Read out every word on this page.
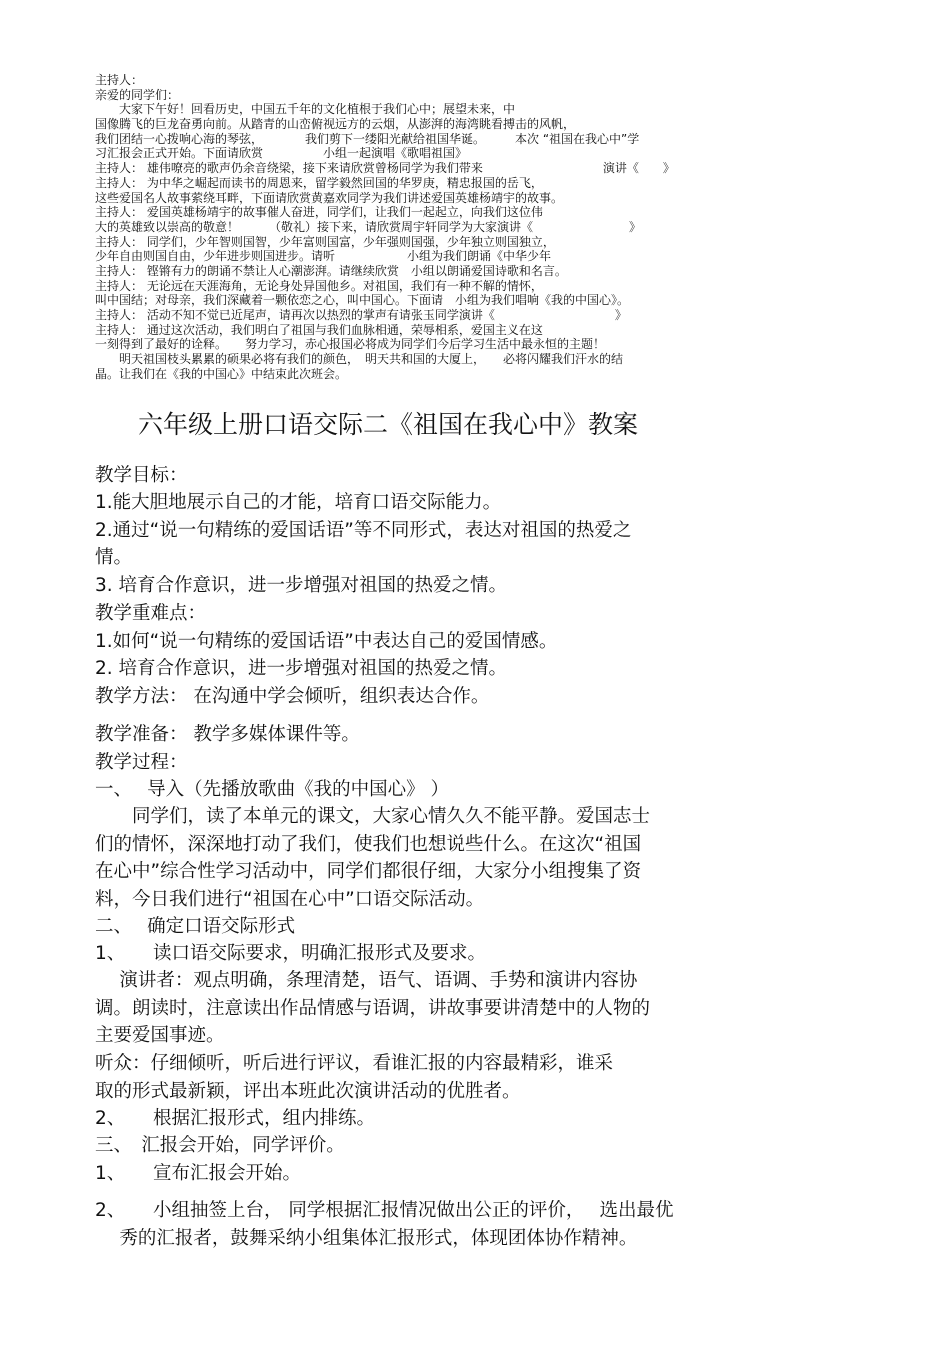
主持人：
亲爱的同学们：
　　大家下午好！回看历史，中国五千年的文化植根于我们心中；展望未来，中
国像腾飞的巨龙奋勇向前。从踏青的山峦俯视远方的云烟，从澎湃的海湾眺看搏击的风帆，
我们团结一心拨响心海的琴弦，　　　　我们剪下一缕阳光献给祖国华诞。　　　本次 “祖国在我心中”学
习汇报会正式开始。下面请欣赏　　　　　小组一起演唱《歌唱祖国》
主持人： 雄伟嘹亮的歌声仍余音绕梁，接下来请欣赏曾杨同学为我们带来　　　　　　　　　　演讲《　　》
主持人： 为中华之崛起而读书的周恩来，留学毅然回国的华罗庚，精忠报国的岳飞，
这些爱国名人故事萦绕耳畔，下面请欣赏黄嘉欢同学为我们讲述爱国英雄杨靖宇的故事。
主持人： 爱国英雄杨靖宇的故事催人奋进，同学们，让我们一起起立，向我们这位伟
大的英雄致以崇高的敬意！　　　（敬礼）接下来，请欣赏周宇轩同学为大家演讲《　　　　　　　　》
主持人： 同学们，少年智则国智，少年富则国富，少年强则国强，少年独立则国独立，
少年自由则国自由，少年进步则国进步。请听　　　　　　小组为我们朗诵《中华少年
主持人： 铿锵有力的朗诵不禁让人心潮澎湃。请继续欣赏　小组以朗诵爱国诗歌和名言。
主持人： 无论远在天涯海角，无论身处异国他乡。对祖国，我们有一种不解的情怀，
叫中国结；对母亲，我们深藏着一颗依恋之心，叫中国心。下面请　小组为我们唱响《我的中国心》。
主持人： 活动不知不觉已近尾声，请再次以热烈的掌声有请张玉同学演讲《　　　　　　　　　　》
主持人： 通过这次活动，我们明白了祖国与我们血脉相通，荣辱相系，爱国主义在这
一刻得到了最好的诠释。　　努力学习，赤心报国必将成为同学们今后学习生活中最永恒的主题！
　　明天祖国枝头累累的硕果必将有我们的颜色，　明天共和国的大厦上，　　必将闪耀我们汗水的结
晶。让我们在《我的中国心》中结束此次班会。
六年级上册口语交际二《祖国在我心中》教案
教学目标：
1.能大胆地展示自己的才能，培育口语交际能力。
2.通过“说一句精练的爱国话语”等不同形式，表达对祖国的热爱之
情。
3. 培育合作意识，进一步增强对祖国的热爱之情。
教学重难点：
1.如何“说一句精练的爱国话语”中表达自己的爱国情感。
2. 培育合作意识，进一步增强对祖国的热爱之情。
教学方法： 在沟通中学会倾听，组织表达合作。
教学准备： 教学多媒体课件等。
教学过程：
一、　 导入（先播放歌曲《我的中国心》 ）
　　同学们，读了本单元的课文，大家心情久久不能平静。爱国志士
们的情怀，深深地打动了我们，使我们也想说些什么。在这次“祖国
在心中”综合性学习活动中，同学们都很仔细，大家分小组搜集了资
料，今日我们进行“祖国在心中”口语交际活动。
二、　 确定口语交际形式
1、　　读口语交际要求，明确汇报形式及要求。
　 演讲者：观点明确，条理清楚，语气、语调、手势和演讲内容协
调。朗读时，注意读出作品情感与语调，讲故事要讲清楚中的人物的
主要爱国事迹。
听众：仔细倾听，听后进行评议，看谁汇报的内容最精彩，谁采
取的形式最新颖，评出本班此次演讲活动的优胜者。
2、　　根据汇报形式，组内排练。
三、　汇报会开始，同学评价。
1、　　宣布汇报会开始。
2、　　小组抽签上台， 同学根据汇报情况做出公正的评价，　 选出最优
　 秀的汇报者，鼓舞采纳小组集体汇报形式，体现团体协作精神。
